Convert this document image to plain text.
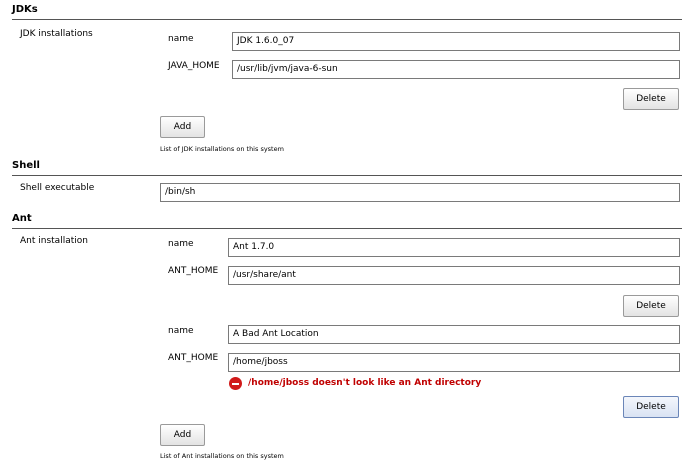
JDKs
JDK installations	name	JDK 1.6.0_07
JAVA_HOME	/usr/lib/jvm/java-6-sun
Delete
Add
List of JDK installations on this system
Shell
Shell executable	/bin/sh
Ant
Ant installation	name	Ant 1.7.0
ANT_HOME	/usr/share/ant
Delete
name	A Bad Ant Location
ANT_HOME	/home/jboss
/home/jboss doesn't look like an Ant directory
Delete
Add
List of Ant installations on this system
